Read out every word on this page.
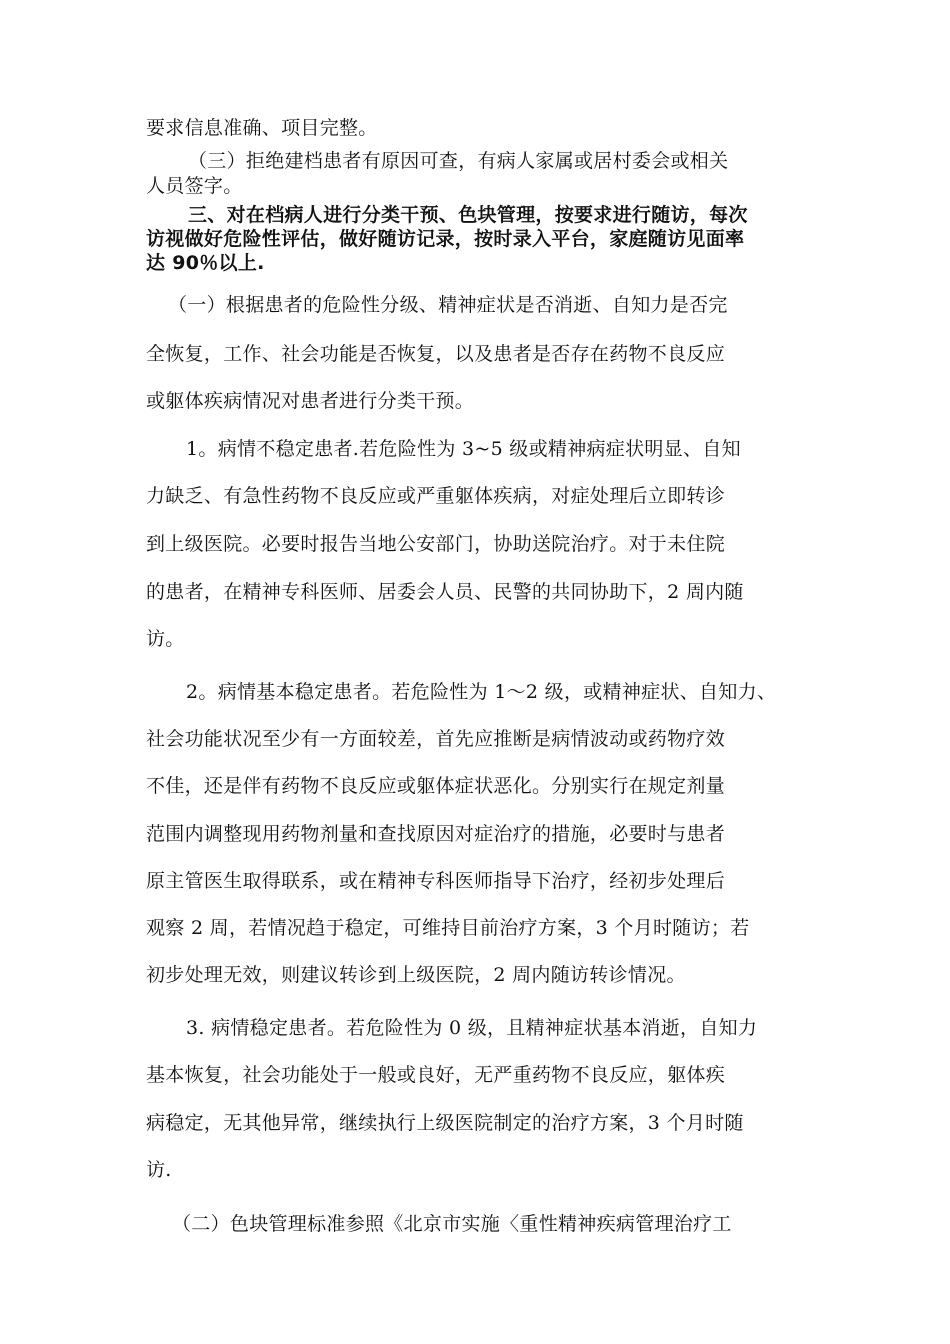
要求信息准确、项目完整。
（三）拒绝建档患者有原因可查，有病人家属或居村委会或相关
人员签字。
三、对在档病人进行分类干预、色块管理，按要求进行随访，每次
访视做好危险性评估，做好随访记录，按时录入平台，家庭随访见面率
达 90％以上.
（一）根据患者的危险性分级、精神症状是否消逝、自知力是否完
全恢复，工作、社会功能是否恢复，以及患者是否存在药物不良反应
或躯体疾病情况对患者进行分类干预。
1。病情不稳定患者.若危险性为 3~5 级或精神病症状明显、自知
力缺乏、有急性药物不良反应或严重躯体疾病，对症处理后立即转诊
到上级医院。必要时报告当地公安部门，协助送院治疗。对于未住院
的患者，在精神专科医师、居委会人员、民警的共同协助下，2 周内随
访。
2。病情基本稳定患者。若危险性为 1～2 级，或精神症状、自知力、
社会功能状况至少有一方面较差，首先应推断是病情波动或药物疗效
不佳，还是伴有药物不良反应或躯体症状恶化。分别实行在规定剂量
范围内调整现用药物剂量和查找原因对症治疗的措施，必要时与患者
原主管医生取得联系，或在精神专科医师指导下治疗，经初步处理后
观察 2 周，若情况趋于稳定，可维持目前治疗方案，3 个月时随访；若
初步处理无效，则建议转诊到上级医院，2 周内随访转诊情况。
3. 病情稳定患者。若危险性为 0 级，且精神症状基本消逝，自知力
基本恢复，社会功能处于一般或良好，无严重药物不良反应，躯体疾
病稳定，无其他异常，继续执行上级医院制定的治疗方案，3 个月时随
访.
（二）色块管理标准参照《北京市实施〈重性精神疾病管理治疗工
